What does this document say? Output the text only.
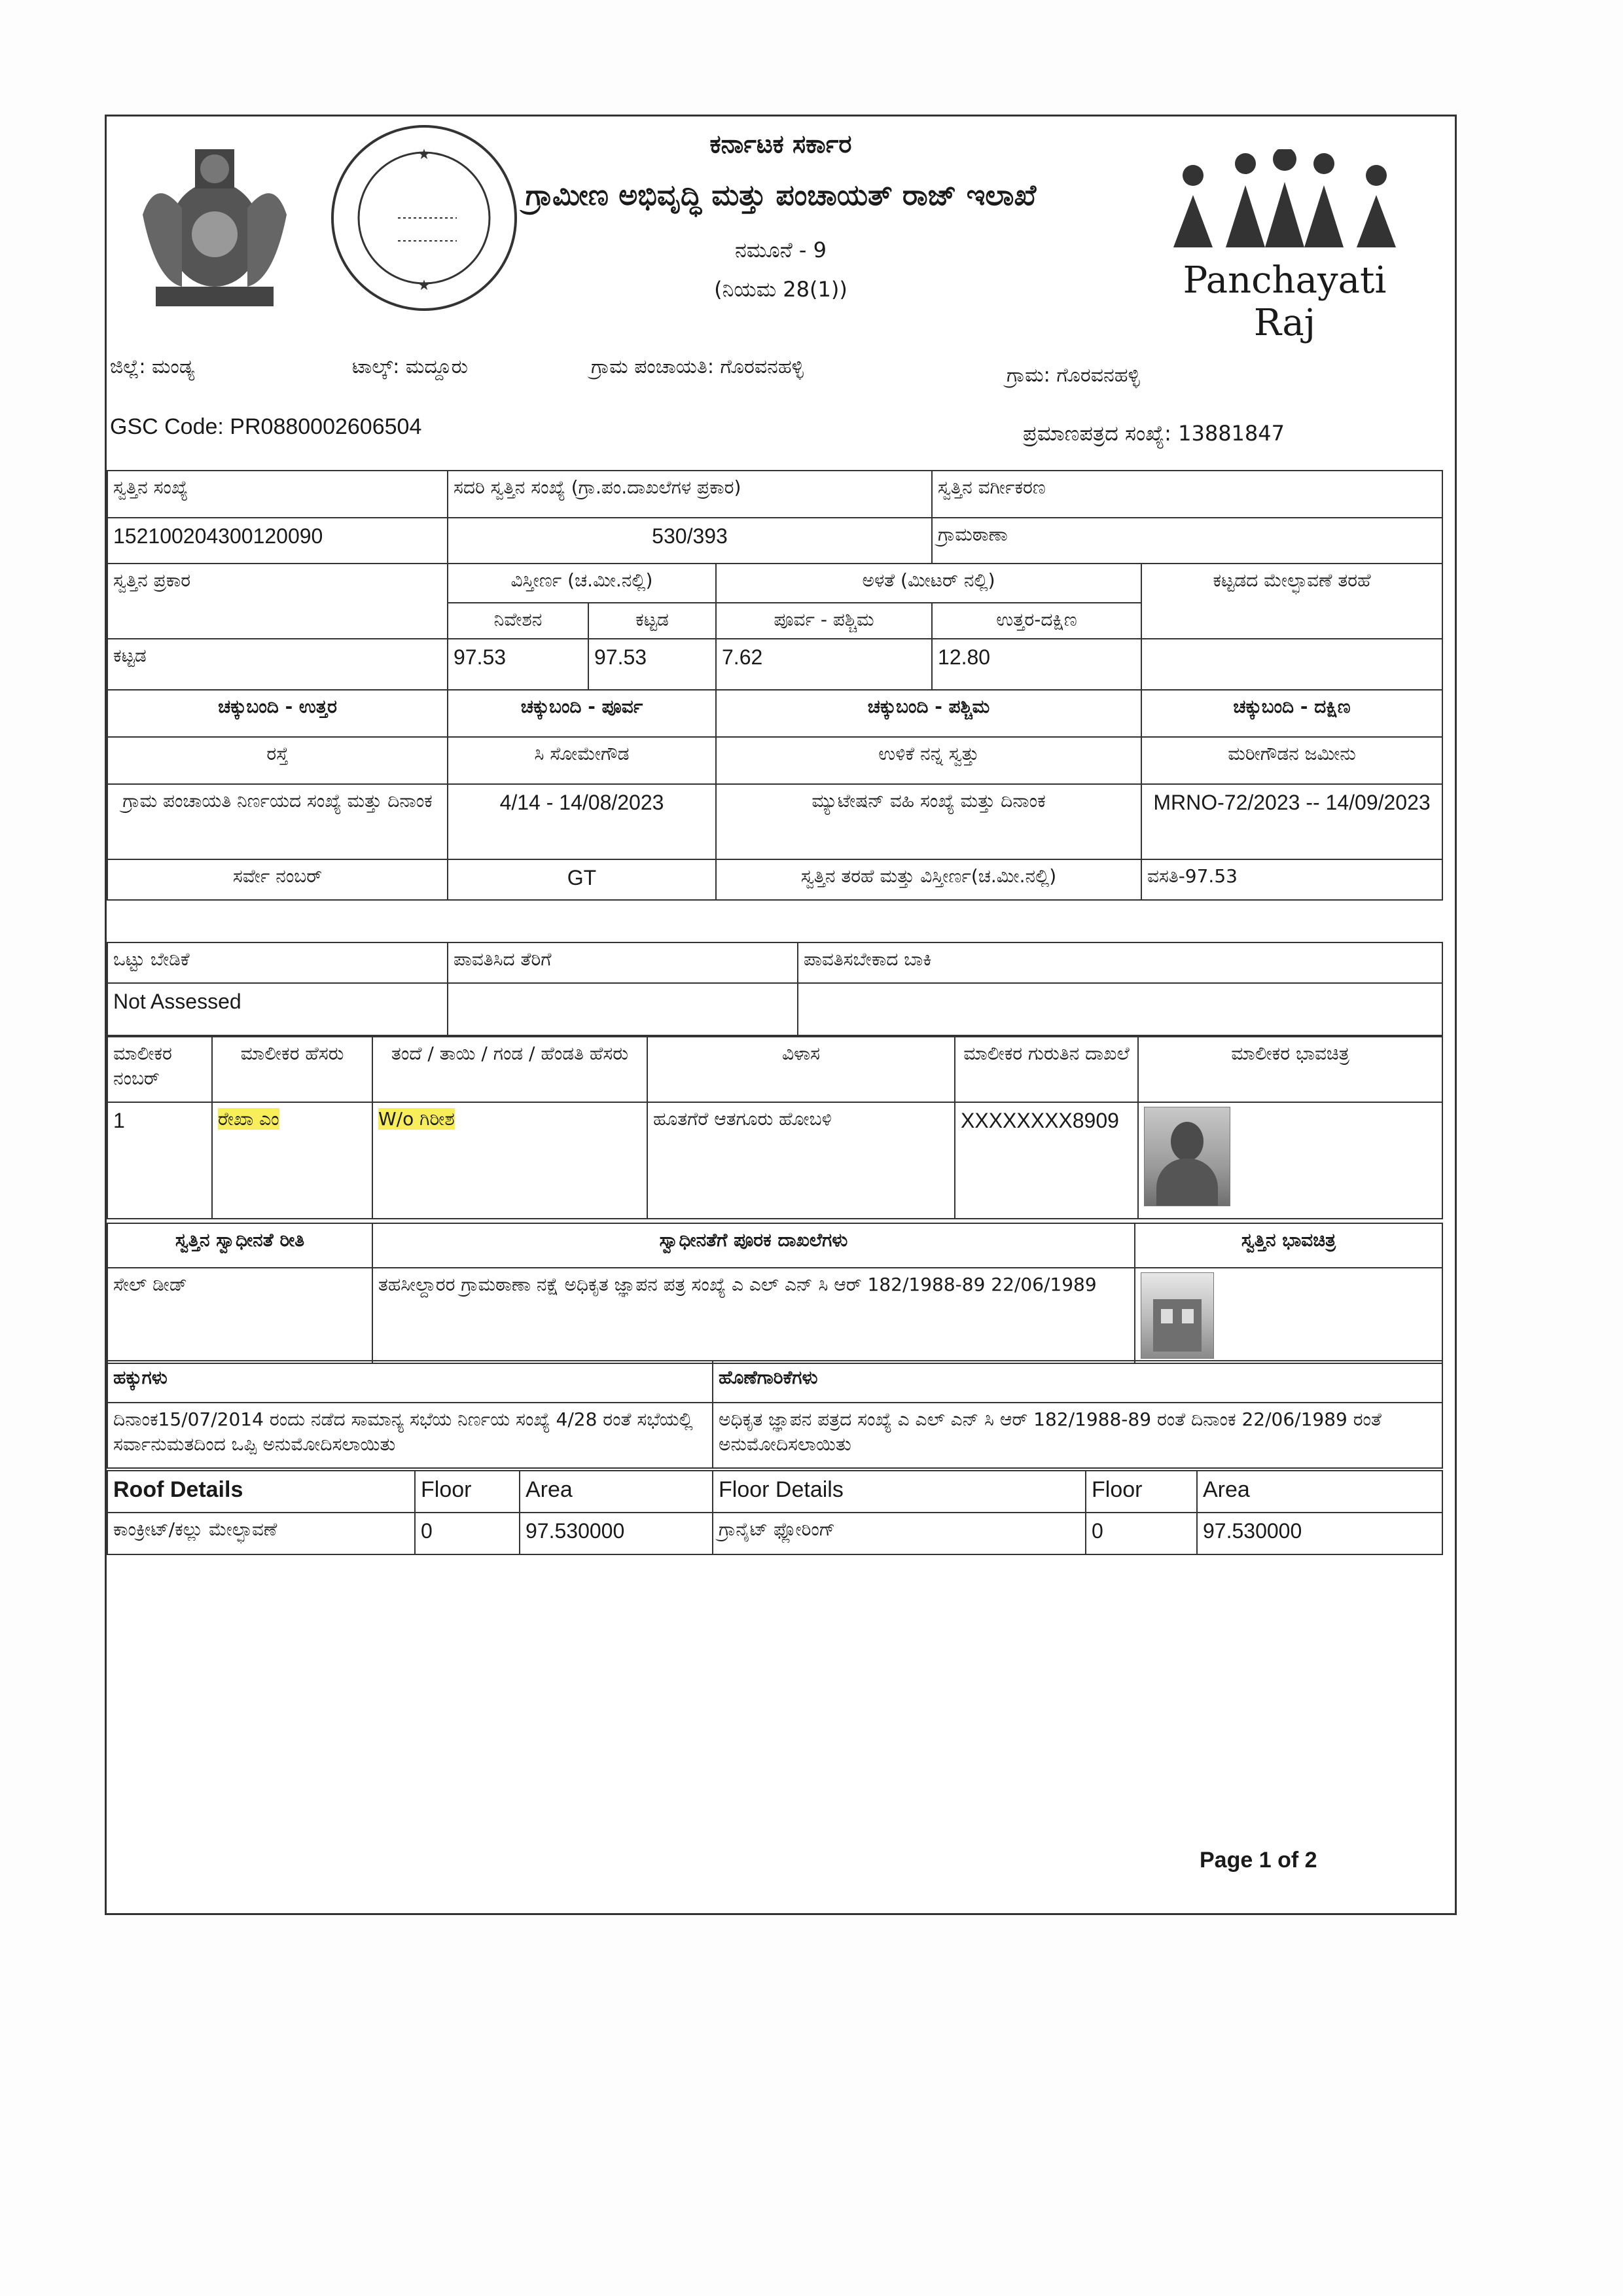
★
★
ಕರ್ನಾಟಕ ಸರ್ಕಾರ
ಗ್ರಾಮೀಣ ಅಭಿವೃದ್ಧಿ ಮತ್ತು ಪಂಚಾಯತ್ ರಾಜ್ ಇಲಾಖೆ
ನಮೂನೆ - 9
(ನಿಯಮ 28(1))	Panchayati Raj
ಜಿಲ್ಲೆ: ಮಂಡ್ಯ	ಟಾಲ್ಕ್: ಮದ್ದೂರು	ಗ್ರಾಮ ಪಂಚಾಯತಿ: ಗೊರವನಹಳ್ಳಿ	ಗ್ರಾಮ: ಗೊರವನಹಳ್ಳಿ
GSC Code: PR0880002606504	ಪ್ರಮಾಣಪತ್ರದ ಸಂಖ್ಯೆ: 13881847
ಸ್ವತ್ತಿನ ಸಂಖ್ಯೆ	ಸದರಿ ಸ್ವತ್ತಿನ ಸಂಖ್ಯೆ (ಗ್ರಾ.ಪಂ.ದಾಖಲೆಗಳ ಪ್ರಕಾರ)			ಸ್ವತ್ತಿನ ವರ್ಗೀಕರಣ	
152100204300120090	530/393			ಗ್ರಾಮಠಾಣಾ	
ಸ್ವತ್ತಿನ ಪ್ರಕಾರ	ವಿಸ್ತೀರ್ಣ (ಚ.ಮೀ.ನಲ್ಲಿ)		ಅಳತೆ (ಮೀಟರ್ ನಲ್ಲಿ)		ಕಟ್ಟಡದ ಮೇಲ್ಛಾವಣೆ ತರಹೆ
	ನಿವೇಶನ	ಕಟ್ಟಡ	ಪೂರ್ವ - ಪಶ್ಚಿಮ	ಉತ್ತರ-ದಕ್ಷಿಣ	
ಕಟ್ಟಡ	97.53	97.53	7.62	12.80	
ಚಕ್ಕುಬಂದಿ - ಉತ್ತರ	ಚಕ್ಕುಬಂದಿ - ಪೂರ್ವ		ಚಕ್ಕುಬಂದಿ - ಪಶ್ಚಿಮ		ಚಕ್ಕುಬಂದಿ - ದಕ್ಷಿಣ
ರಸ್ತೆ	ಸಿ ಸೋಮೇಗೌಡ		ಉಳಿಕೆ ನನ್ನ ಸ್ವತ್ತು		ಮರೀಗೌಡನ ಜಮೀನು
ಗ್ರಾಮ ಪಂಚಾಯತಿ ನಿರ್ಣಯದ ಸಂಖ್ಯೆ ಮತ್ತು ದಿನಾಂಕ	4/14 - 14/08/2023		ಮ್ಯುಟೇಷನ್ ವಹಿ ಸಂಖ್ಯೆ ಮತ್ತು ದಿನಾಂಕ		MRNO-72/2023 -- 14/09/2023
ಸರ್ವೇ ನಂಬರ್	GT		ಸ್ವತ್ತಿನ ತರಹೆ ಮತ್ತು ವಿಸ್ತೀರ್ಣ(ಚ.ಮೀ.ನಲ್ಲಿ)		ವಸತಿ-97.53
ಒಟ್ಟು ಬೇಡಿಕೆ	ಪಾವತಿಸಿದ ತೆರಿಗೆ	ಪಾವತಿಸಬೇಕಾದ ಬಾಕಿ
Not Assessed		
ಮಾಲೀಕರ ನಂಬರ್	ಮಾಲೀಕರ ಹೆಸರು	ತಂದೆ / ತಾಯಿ / ಗಂಡ / ಹೆಂಡತಿ ಹೆಸರು	ವಿಳಾಸ	ಮಾಲೀಕರ ಗುರುತಿನ ದಾಖಲೆ	ಮಾಲೀಕರ ಭಾವಚಿತ್ರ
1	ರೇಖಾ ಎಂ	W/o ಗಿರೀಶ	ಹೂತಗೆರೆ ಆತಗೂರು ಹೋಬಳಿ	XXXXXXXX8909	
ಸ್ವತ್ತಿನ ಸ್ವಾಧೀನತೆ ರೀತಿ	ಸ್ವಾಧೀನತೆಗೆ ಪೂರಕ ದಾಖಲೆಗಳು	ಸ್ವತ್ತಿನ ಭಾವಚಿತ್ರ
ಸೇಲ್ ಡೀಡ್	ತಹಸೀಲ್ದಾರರ ಗ್ರಾಮಠಾಣಾ ನಕ್ಷೆ ಅಧಿಕೃತ ಜ್ಞಾಪನ ಪತ್ರ ಸಂಖ್ಯೆ ಎ ಎಲ್ ಎನ್ ಸಿ ಆರ್ 182/1988-89 22/06/1989	
ಹಕ್ಕುಗಳು	ಹೊಣೆಗಾರಿಕೆಗಳು
ದಿನಾಂಕ15/07/2014 ರಂದು ನಡೆದ ಸಾಮಾನ್ಯ ಸಭೆಯ ನಿರ್ಣಯ ಸಂಖ್ಯೆ 4/28 ರಂತೆ ಸಭೆಯಲ್ಲಿ ಸರ್ವಾನುಮತದಿಂದ ಒಪ್ಪಿ ಅನುಮೋದಿಸಲಾಯಿತು	ಅಧಿಕೃತ ಜ್ಞಾಪನ ಪತ್ರದ ಸಂಖ್ಯೆ ಎ ಎಲ್ ಎನ್ ಸಿ ಆರ್ 182/1988-89 ರಂತೆ ದಿನಾಂಕ 22/06/1989 ರಂತೆ ಅನುಮೋದಿಸಲಾಯಿತು
Roof Details	Floor	Area	Floor Details	Floor	Area
ಕಾಂಕ್ರೀಟ್/ಕಲ್ಲು ಮೇಲ್ಛಾವಣೆ	0	97.530000	ಗ್ರಾನೈಟ್ ಫ್ಲೋರಿಂಗ್	0	97.530000
Page 1 of 2
